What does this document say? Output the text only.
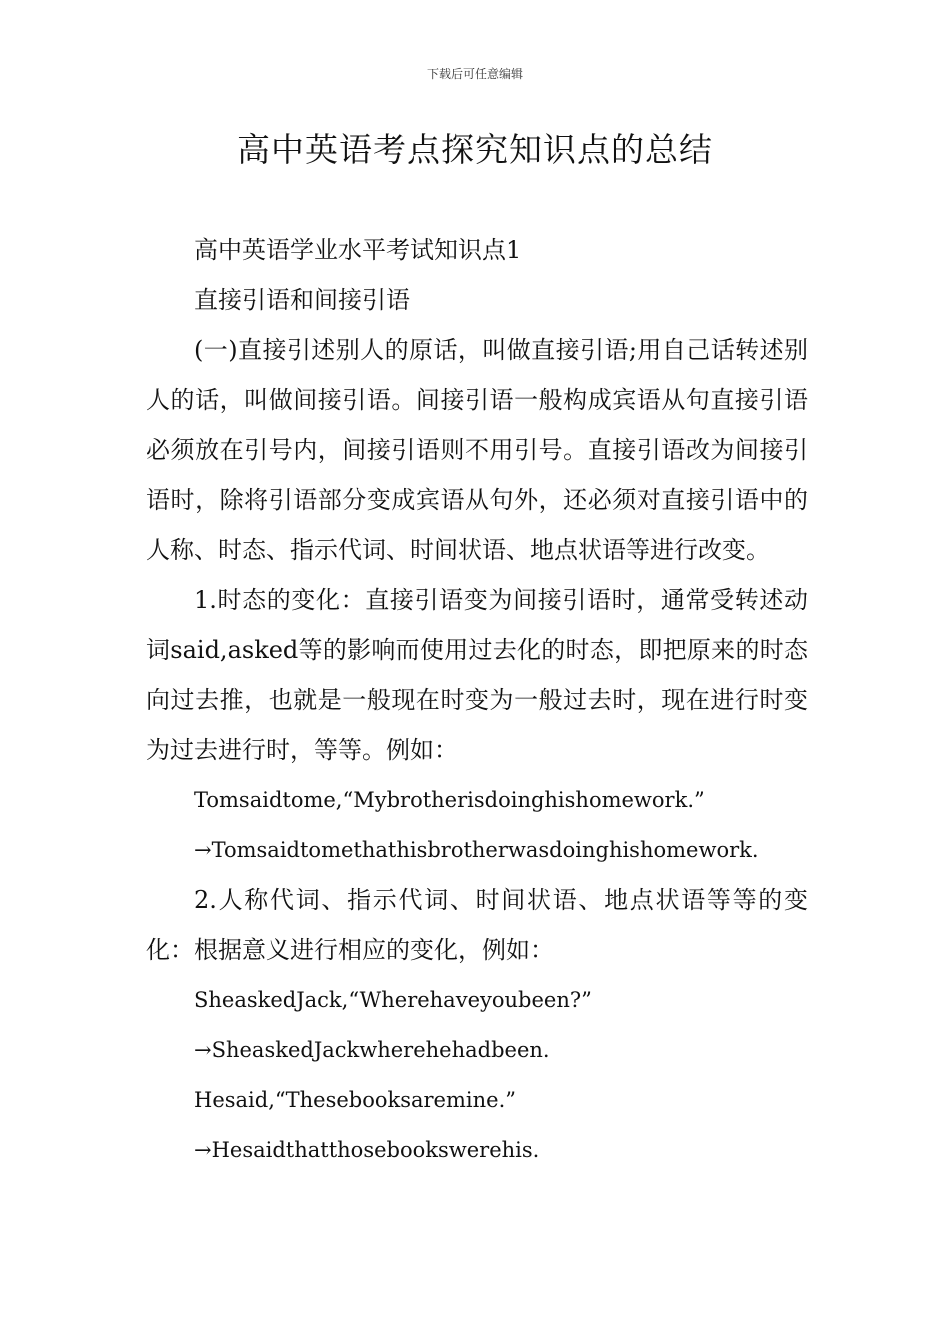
下载后可任意编辑
高中英语考点探究知识点的总结

高中英语学业水平考试知识点1

直接引语和间接引语

(一)直接引述别人的原话，叫做直接引语;用自己话转述别人的话，叫做间接引语。间接引语一般构成宾语从句直接引语必须放在引号内，间接引语则不用引号。直接引语改为间接引语时，除将引语部分变成宾语从句外，还必须对直接引语中的人称、时态、指示代词、时间状语、地点状语等进行改变。

1.时态的变化：直接引语变为间接引语时，通常受转述动词said,asked等的影响而使用过去化的时态，即把原来的时态向过去推，也就是一般现在时变为一般过去时，现在进行时变为过去进行时，等等。例如：

Tomsaidtome,“Mybrotherisdoinghishomework.”

→Tomsaidtomethathisbrotherwasdoinghishomework.

2.人称代词、指示代词、时间状语、地点状语等等的变化：根据意义进行相应的变化，例如：

SheaskedJack,“Wherehaveyoubeen?”

→SheaskedJackwherehehadbeen.

Hesaid,“Thesebooksaremine.”

→Hesaidthatthosebookswerehis.
